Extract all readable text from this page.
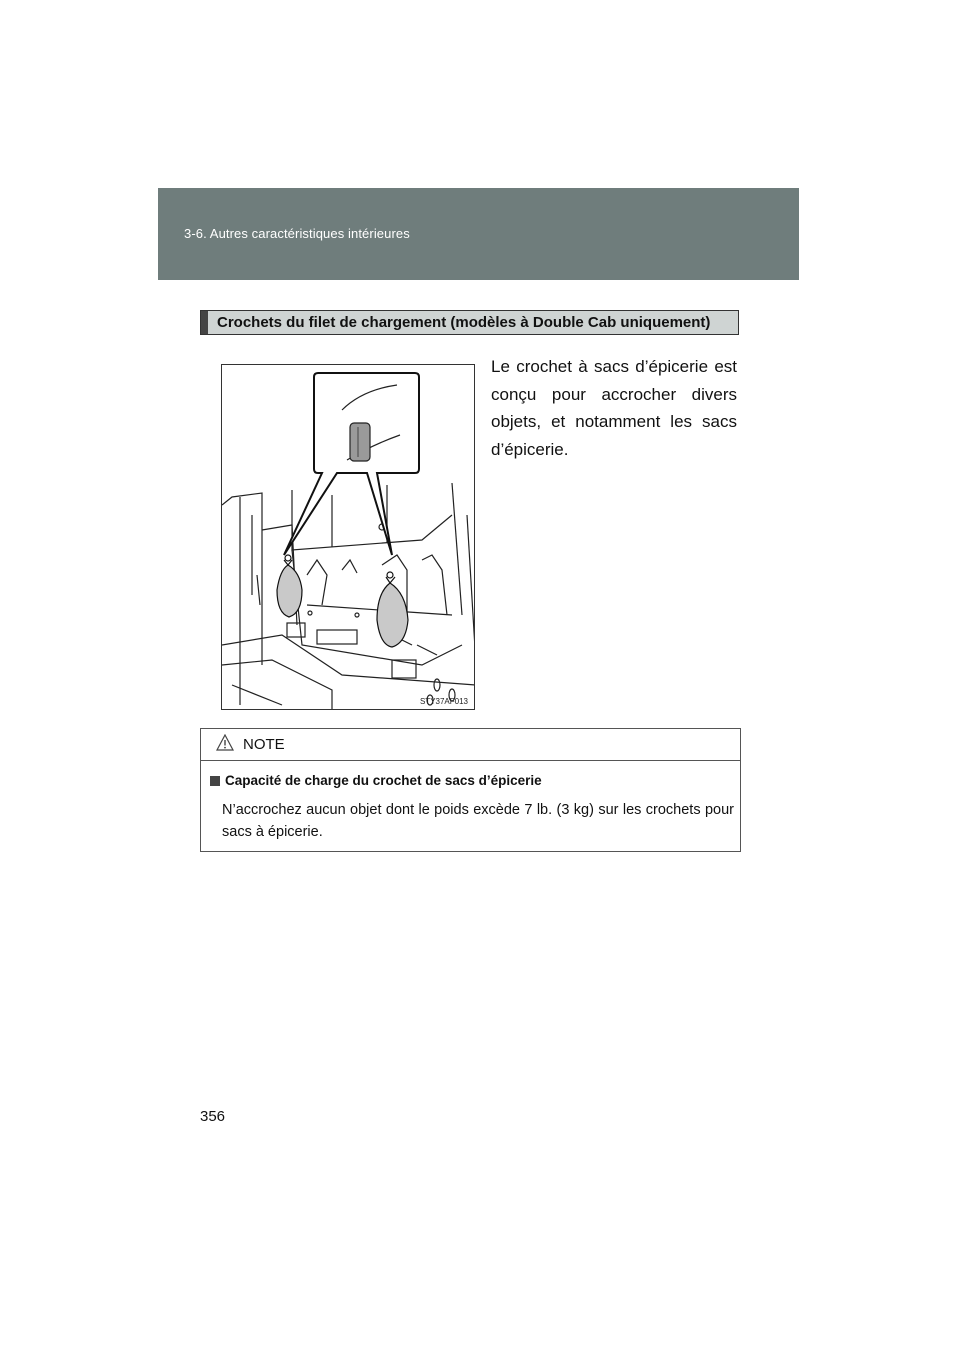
3-6. Autres caractéristiques intérieures
Crochets du filet de chargement (modèles à Double Cab uniquement)
STY37AF013
Le crochet à sacs d’épicerie est conçu pour accrocher divers objets, et notamment les sacs d’épicerie.
NOTE
Capacité de charge du crochet de sacs d’épicerie
N’accrochez aucun objet dont le poids excède 7 lb. (3 kg) sur les crochets pour sacs à épicerie.
356
